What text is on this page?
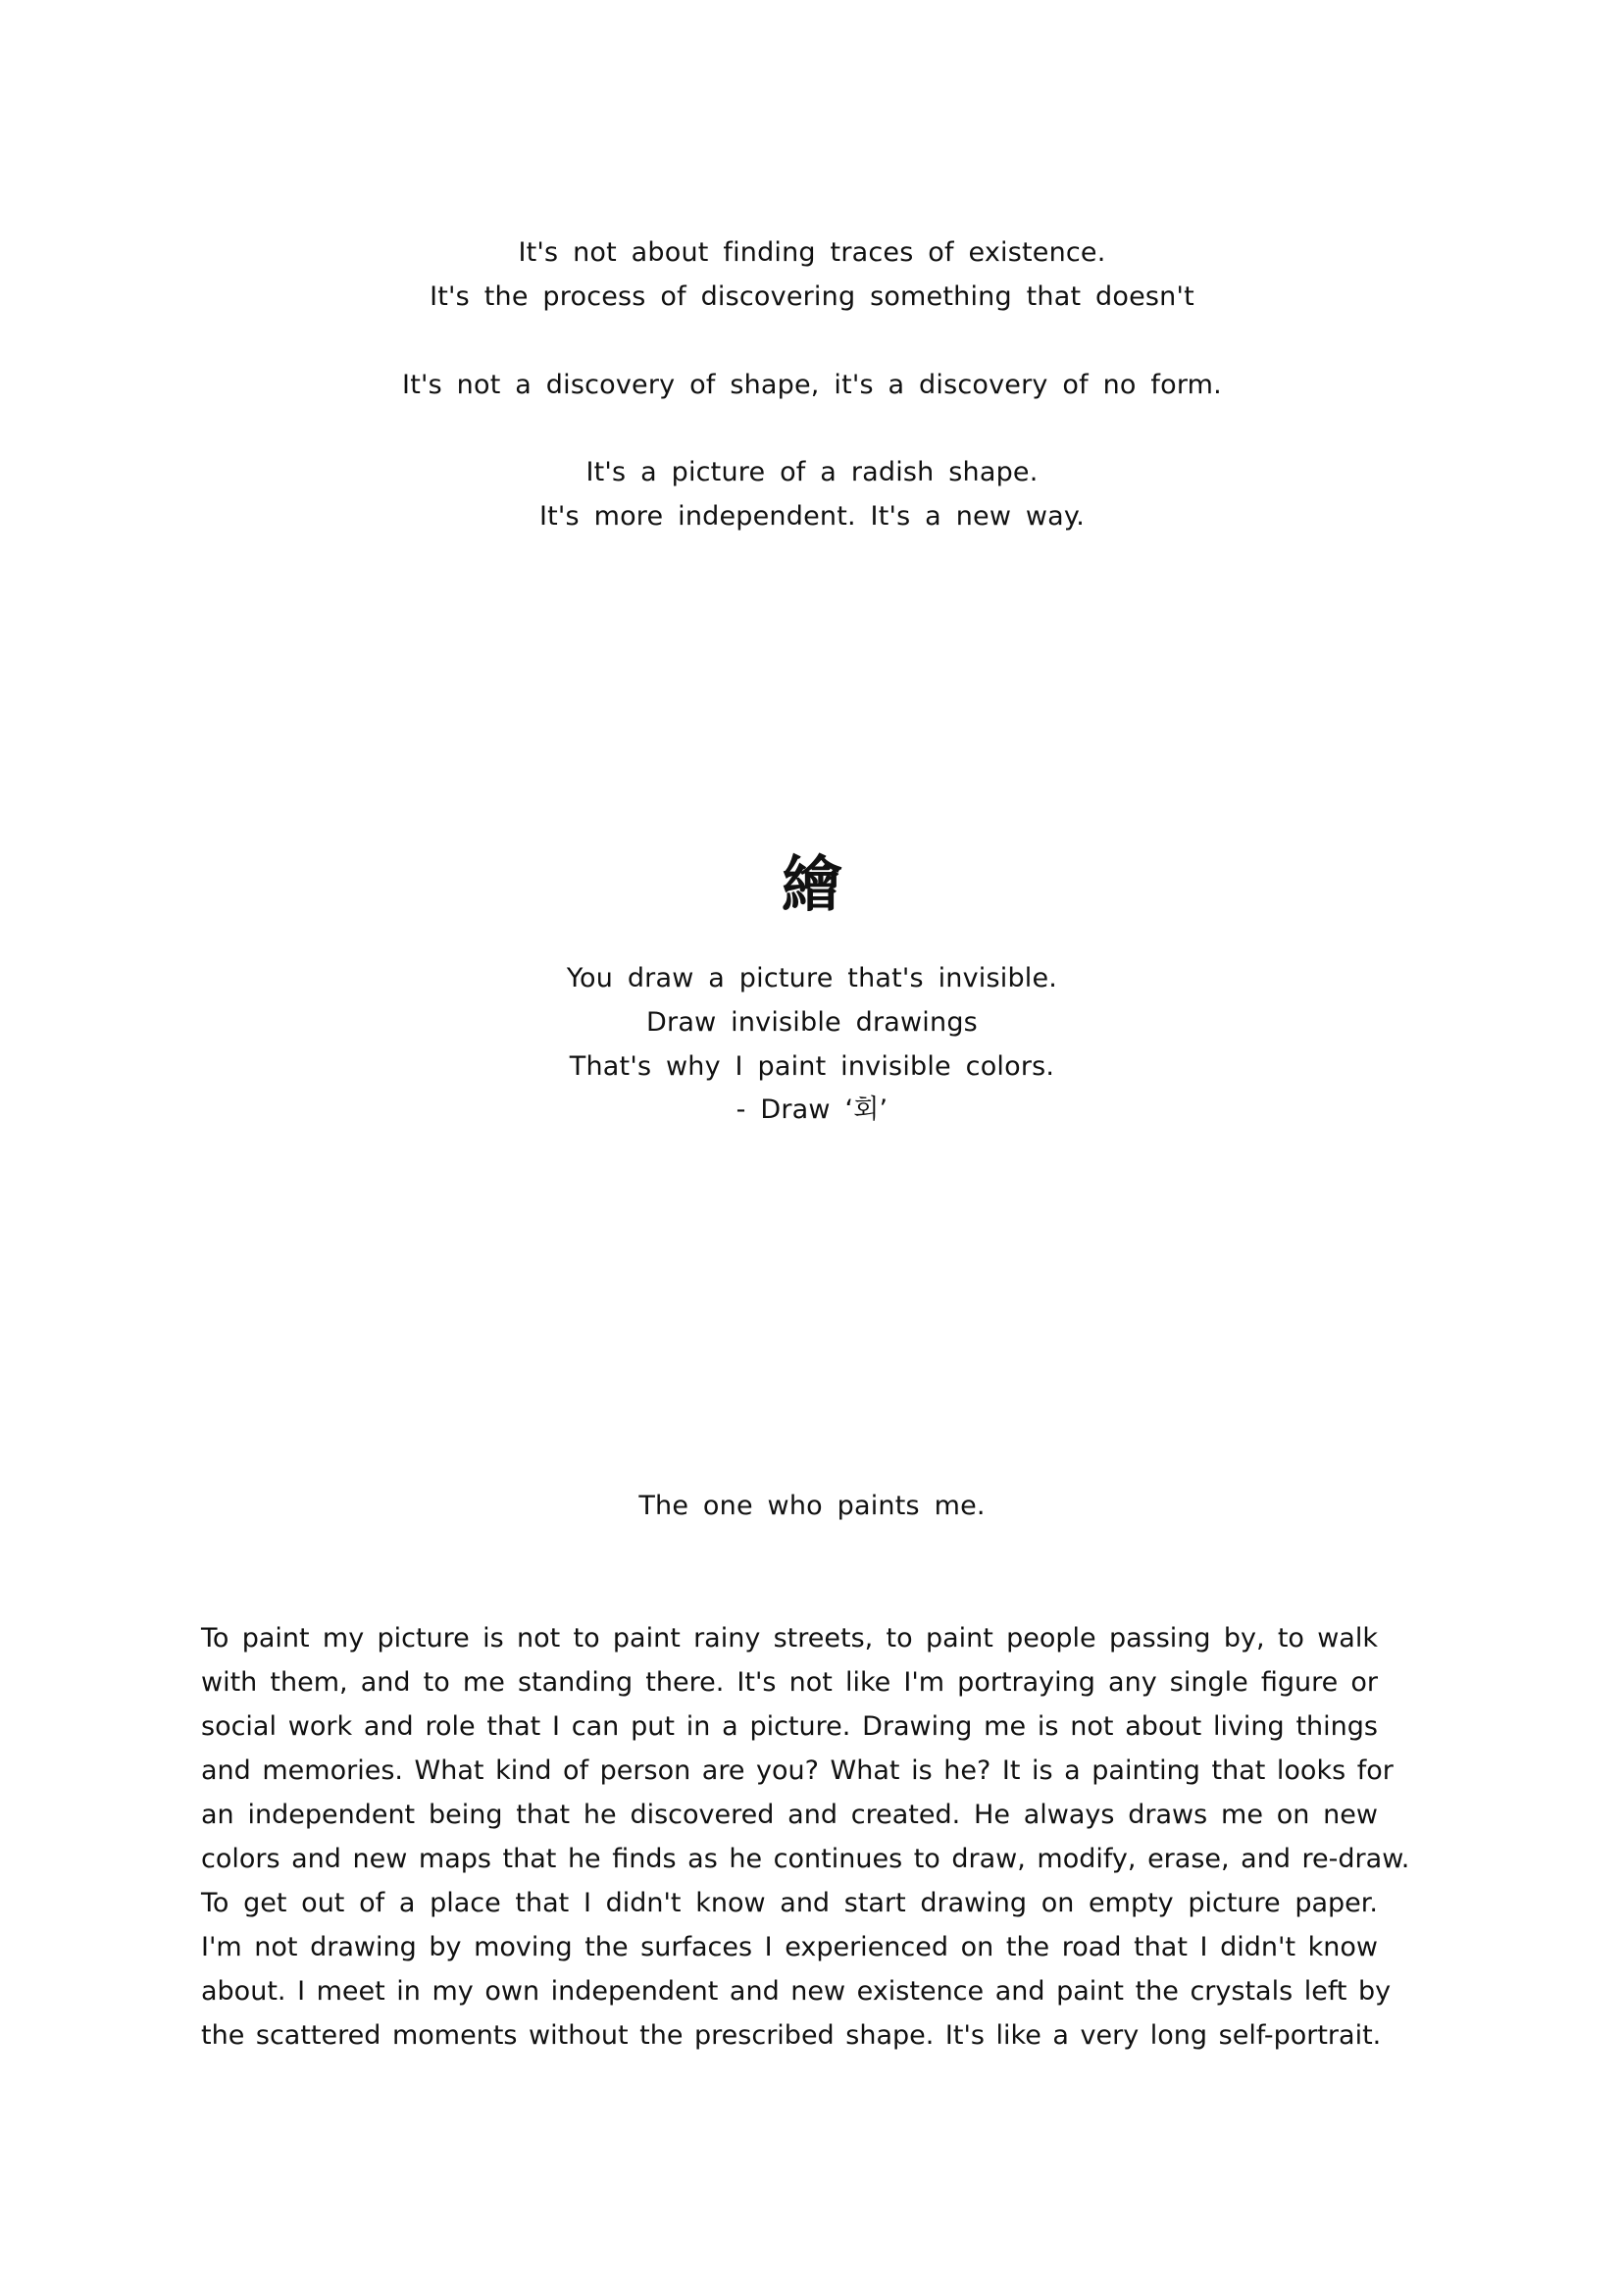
It's not about finding traces of existence.
It's the process of discovering something that doesn't
It's not a discovery of shape, it's a discovery of no form.
It's a picture of a radish shape.
It's more independent. It's a new way.
繪
You draw a picture that's invisible.
Draw invisible drawings
That's why I paint invisible colors.
- Draw ‘회’
The one who paints me.
To paint my picture is not to paint rainy streets, to paint people passing by, to walk
with them, and to me standing there. It's not like I'm portraying any single figure or
social work and role that I can put in a picture. Drawing me is not about living things
and memories. What kind of person are you? What is he? It is a painting that looks for
an independent being that he discovered and created. He always draws me on new
colors and new maps that he finds as he continues to draw, modify, erase, and re-draw.
To get out of a place that I didn't know and start drawing on empty picture paper.
I'm not drawing by moving the surfaces I experienced on the road that I didn't know
about. I meet in my own independent and new existence and paint the crystals left by
the scattered moments without the prescribed shape. It's like a very long self-portrait.
